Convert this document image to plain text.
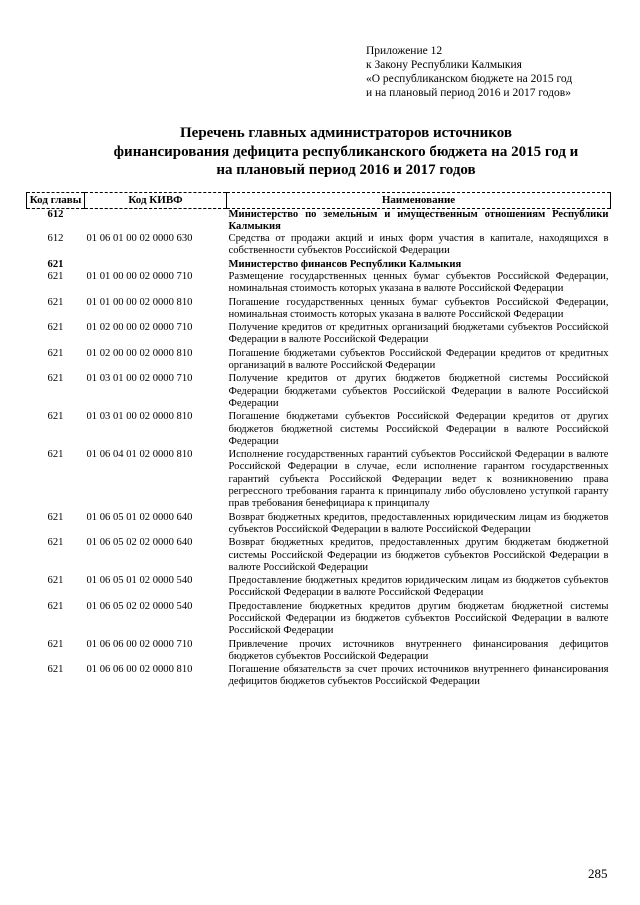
Приложение 12
к Закону Республики Калмыкия
«О республиканском бюджете на 2015 год
и на плановый период 2016 и 2017 годов»
Перечень главных администраторов источников
финансирования дефицита республиканского бюджета на 2015 год и
на плановый период 2016 и 2017 годов
Код главы	Код КИВФ	Наименование
612		Министерство по земельным и имущественным отношениям Республики Калмыкия
612	01 06 01 00 02 0000 630	Средства от продажи акций и иных форм участия в капитале, находящихся в собственности субъектов Российской Федерации
621		Министерство финансов Республики Калмыкия
621	01 01 00 00 02 0000 710	Размещение государственных ценных бумаг субъектов Российской Федерации, номинальная стоимость которых указана в валюте Российской Федерации
621	01 01 00 00 02 0000 810	Погашение государственных ценных бумаг субъектов Российской Федерации, номинальная стоимость которых указана в валюте Российской Федерации
621	01 02 00 00 02 0000 710	Получение кредитов от кредитных организаций бюджетами субъектов Российской Федерации в валюте Российской Федерации
621	01 02 00 00 02 0000 810	Погашение бюджетами субъектов Российской Федерации кредитов от кредитных организаций в валюте Российской Федерации
621	01 03 01 00 02 0000 710	Получение кредитов от других бюджетов бюджетной системы Российской Федерации бюджетами субъектов Российской Федерации в валюте Российской Федерации
621	01 03 01 00 02 0000 810	Погашение бюджетами субъектов Российской Федерации кредитов от других бюджетов бюджетной системы Российской Федерации в валюте Российской Федерации
621	01 06 04 01 02 0000 810	Исполнение государственных гарантий субъектов Российской Федерации в валюте Российской Федерации в случае, если исполнение гарантом государственных гарантий субъекта Российской Федерации ведет к возникновению права регрессного требования гаранта к принципалу либо обусловлено уступкой гаранту прав требования бенефициара к принципалу
621	01 06 05 01 02 0000 640	Возврат бюджетных кредитов, предоставленных юридическим лицам из бюджетов субъектов Российской Федерации в валюте Российской Федерации
621	01 06 05 02 02 0000 640	Возврат бюджетных кредитов, предоставленных другим бюджетам бюджетной системы Российской Федерации из бюджетов субъектов Российской Федерации в валюте Российской Федерации
621	01 06 05 01 02 0000 540	Предоставление бюджетных кредитов юридическим лицам из бюджетов субъектов Российской Федерации в валюте Российской Федерации
621	01 06 05 02 02 0000 540	Предоставление бюджетных кредитов другим бюджетам бюджетной системы Российской Федерации из бюджетов субъектов Российской Федерации в валюте Российской Федерации
621	01 06 06 00 02 0000 710	Привлечение прочих источников внутреннего финансирования дефицитов бюджетов субъектов Российской Федерации
621	01 06 06 00 02 0000 810	Погашение обязательств за счет прочих источников внутреннего финансирования дефицитов бюджетов субъектов Российской Федерации
285
